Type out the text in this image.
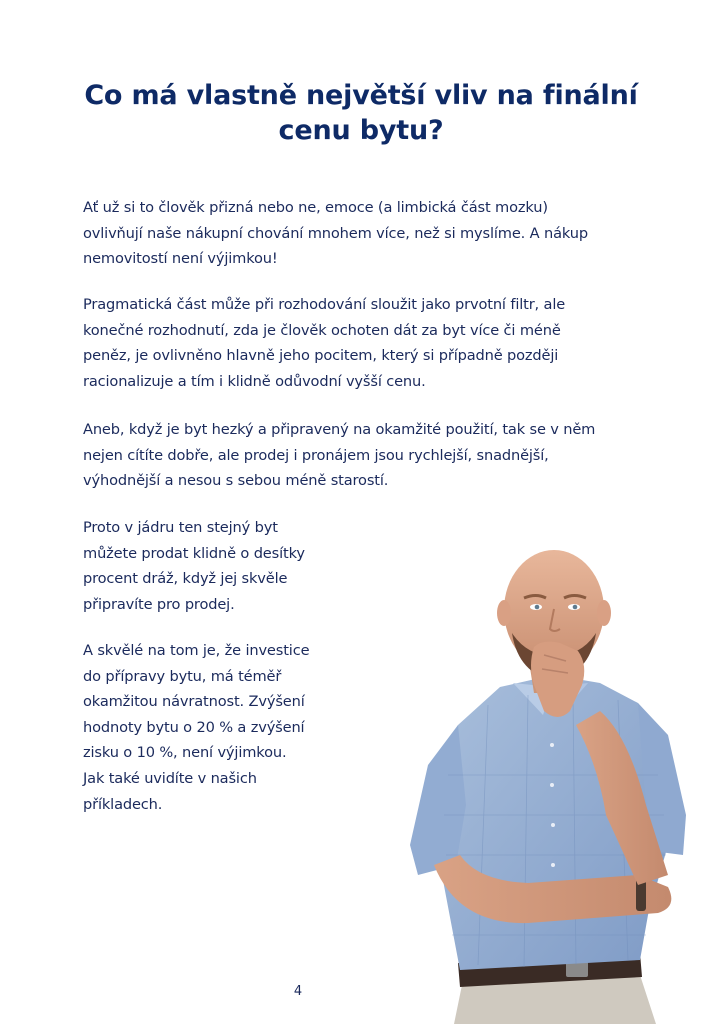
Co má vlastně největší vliv na finální
cenu bytu?

Ať už si to člověk přizná nebo ne, emoce (a limbická část mozku)
ovlivňují naše nákupní chování mnohem více, než si myslíme. A nákup
nemovitostí není výjimkou!

Pragmatická část může při rozhodování sloužit jako prvotní filtr, ale
konečné rozhodnutí, zda je člověk ochoten dát za byt více či méně
peněz, je ovlivněno hlavně jeho pocitem, který si případně později
racionalizuje a tím i klidně odůvodní vyšší cenu.

Aneb, když je byt hezký a připravený na okamžité použití, tak se v něm
nejen cítíte dobře, ale prodej i pronájem jsou rychlejší, snadnější,
výhodnější a nesou s sebou méně starostí.

Proto v jádru ten stejný byt
můžete prodat klidně o desítky
procent dráž, když jej skvěle
připravíte pro prodej.

A skvělé na tom je, že investice
do přípravy bytu, má téměř
okamžitou návratnost. Zvýšení
hodnoty bytu o 20 % a zvýšení
zisku o 10 %, není výjimkou.
Jak také uvidíte v našich
příkladech.

4
